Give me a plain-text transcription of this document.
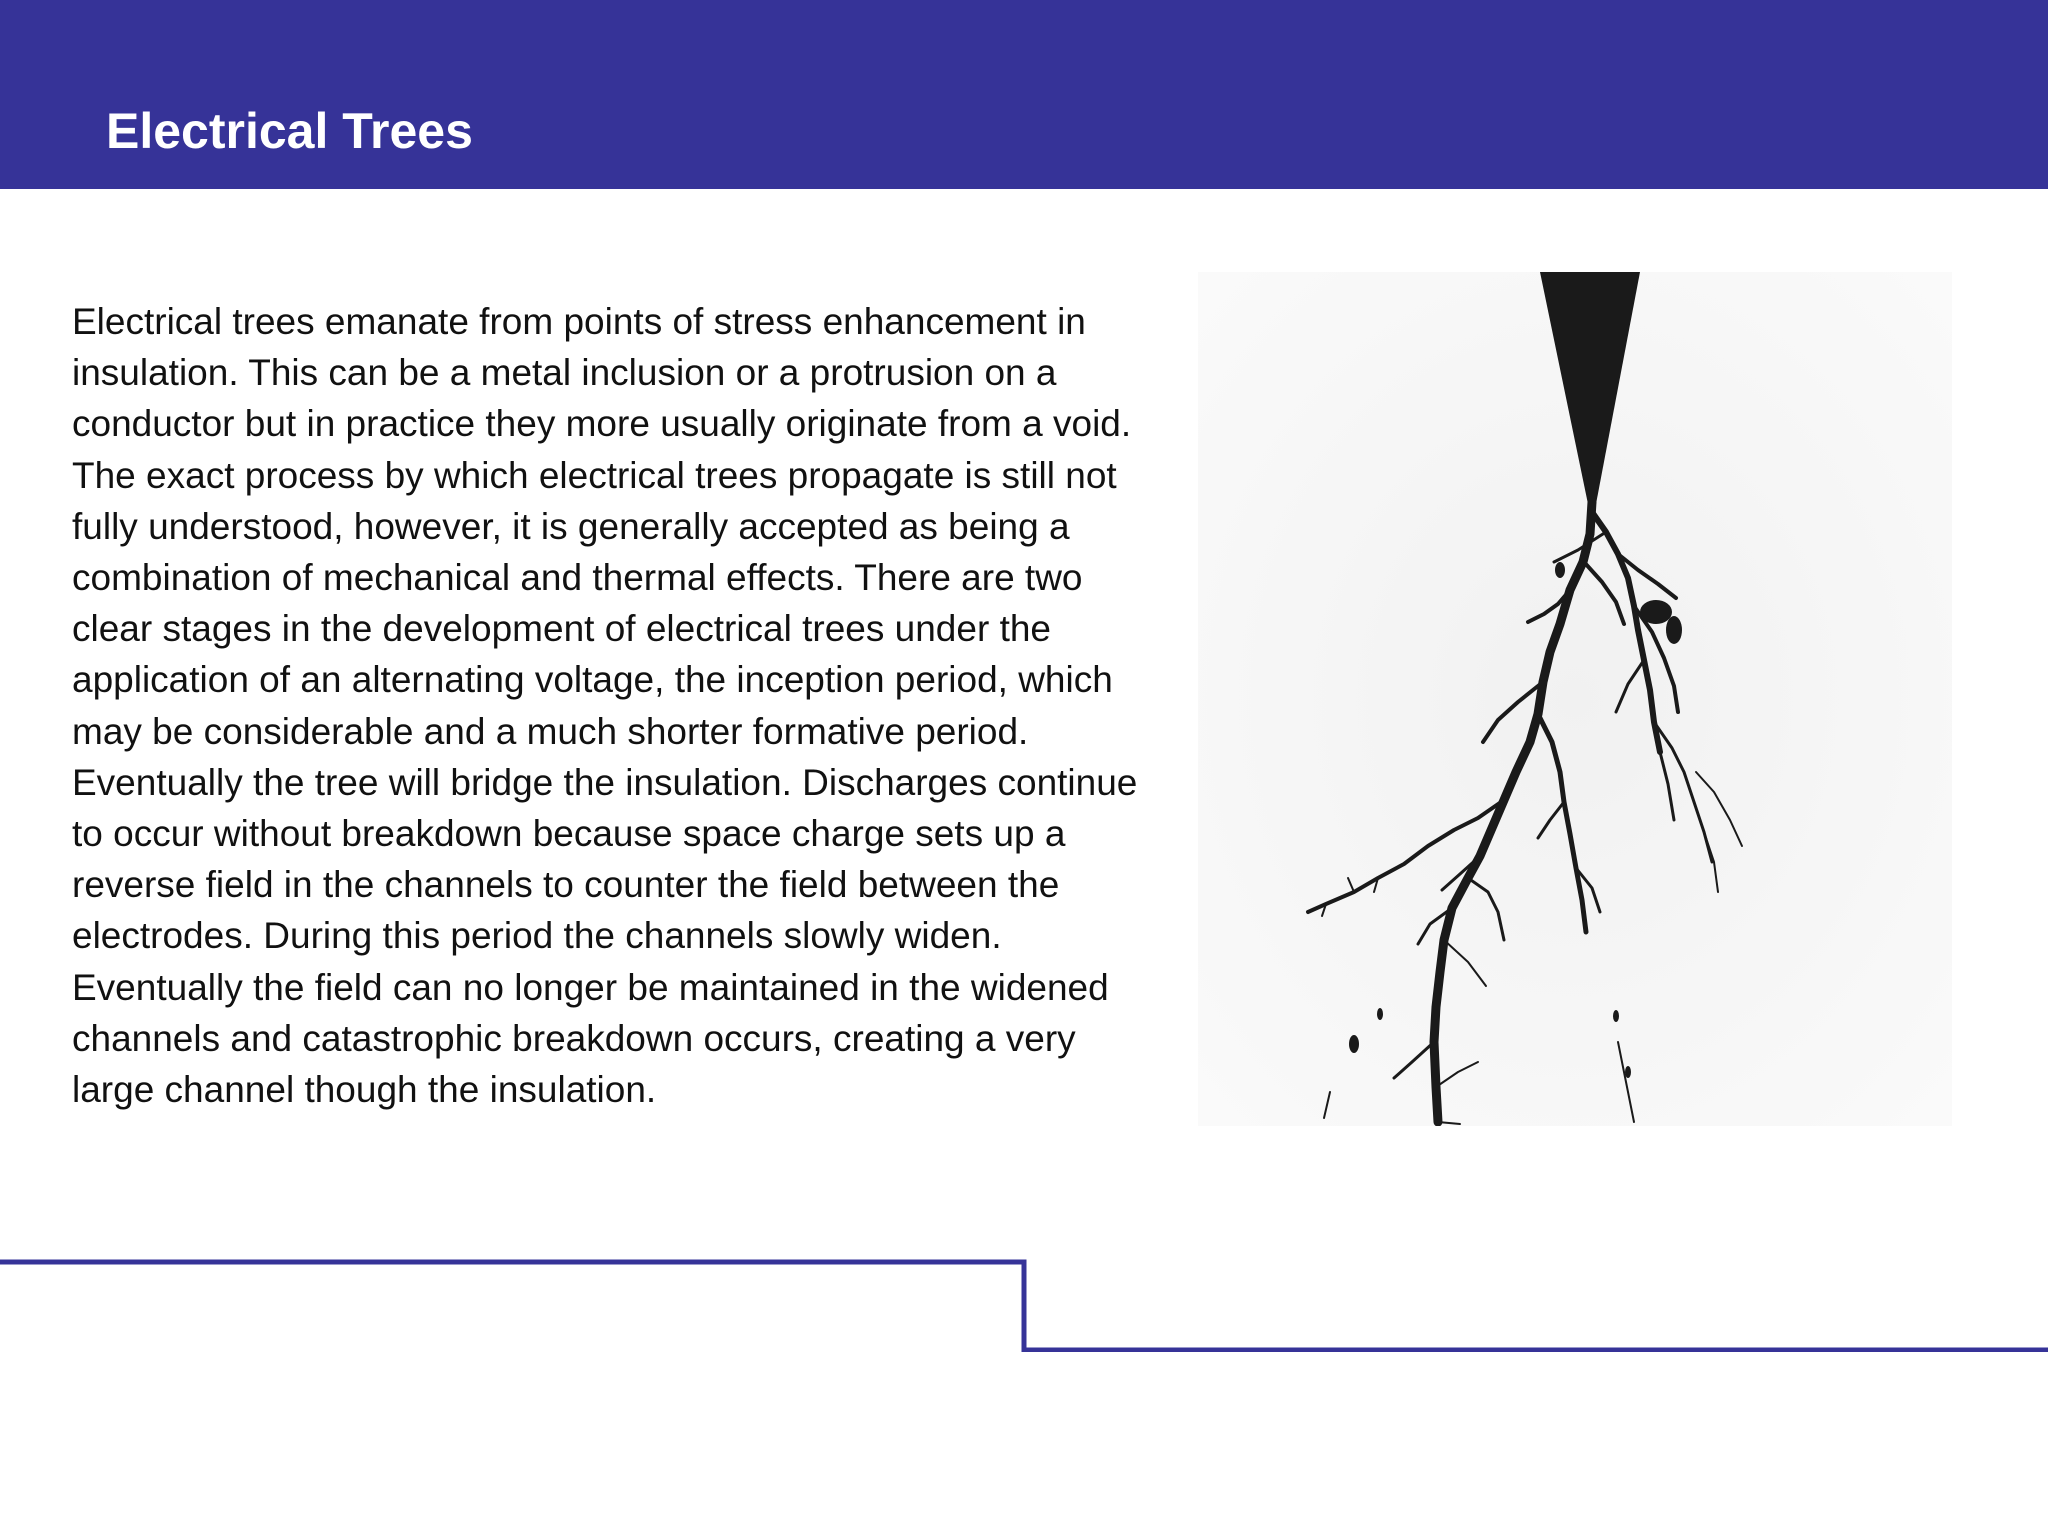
Electrical Trees

Electrical trees emanate from points of stress enhancement in insulation. This can be a metal inclusion or a protrusion on a conductor but in practice they more usually originate from a void. The exact process by which electrical trees propagate is still not fully understood, however, it is generally accepted as being a combination of mechanical and thermal effects. There are two clear stages in the development of electrical trees under the application of an alternating voltage, the inception period, which may be considerable and a much shorter formative period. Eventually the tree will bridge the insulation. Discharges continue to occur without breakdown because space charge sets up a reverse field in the channels to counter the field between the electrodes. During this period the channels slowly widen. Eventually the field can no longer be maintained in the widened channels and catastrophic breakdown occurs, creating a very large channel though the insulation.
